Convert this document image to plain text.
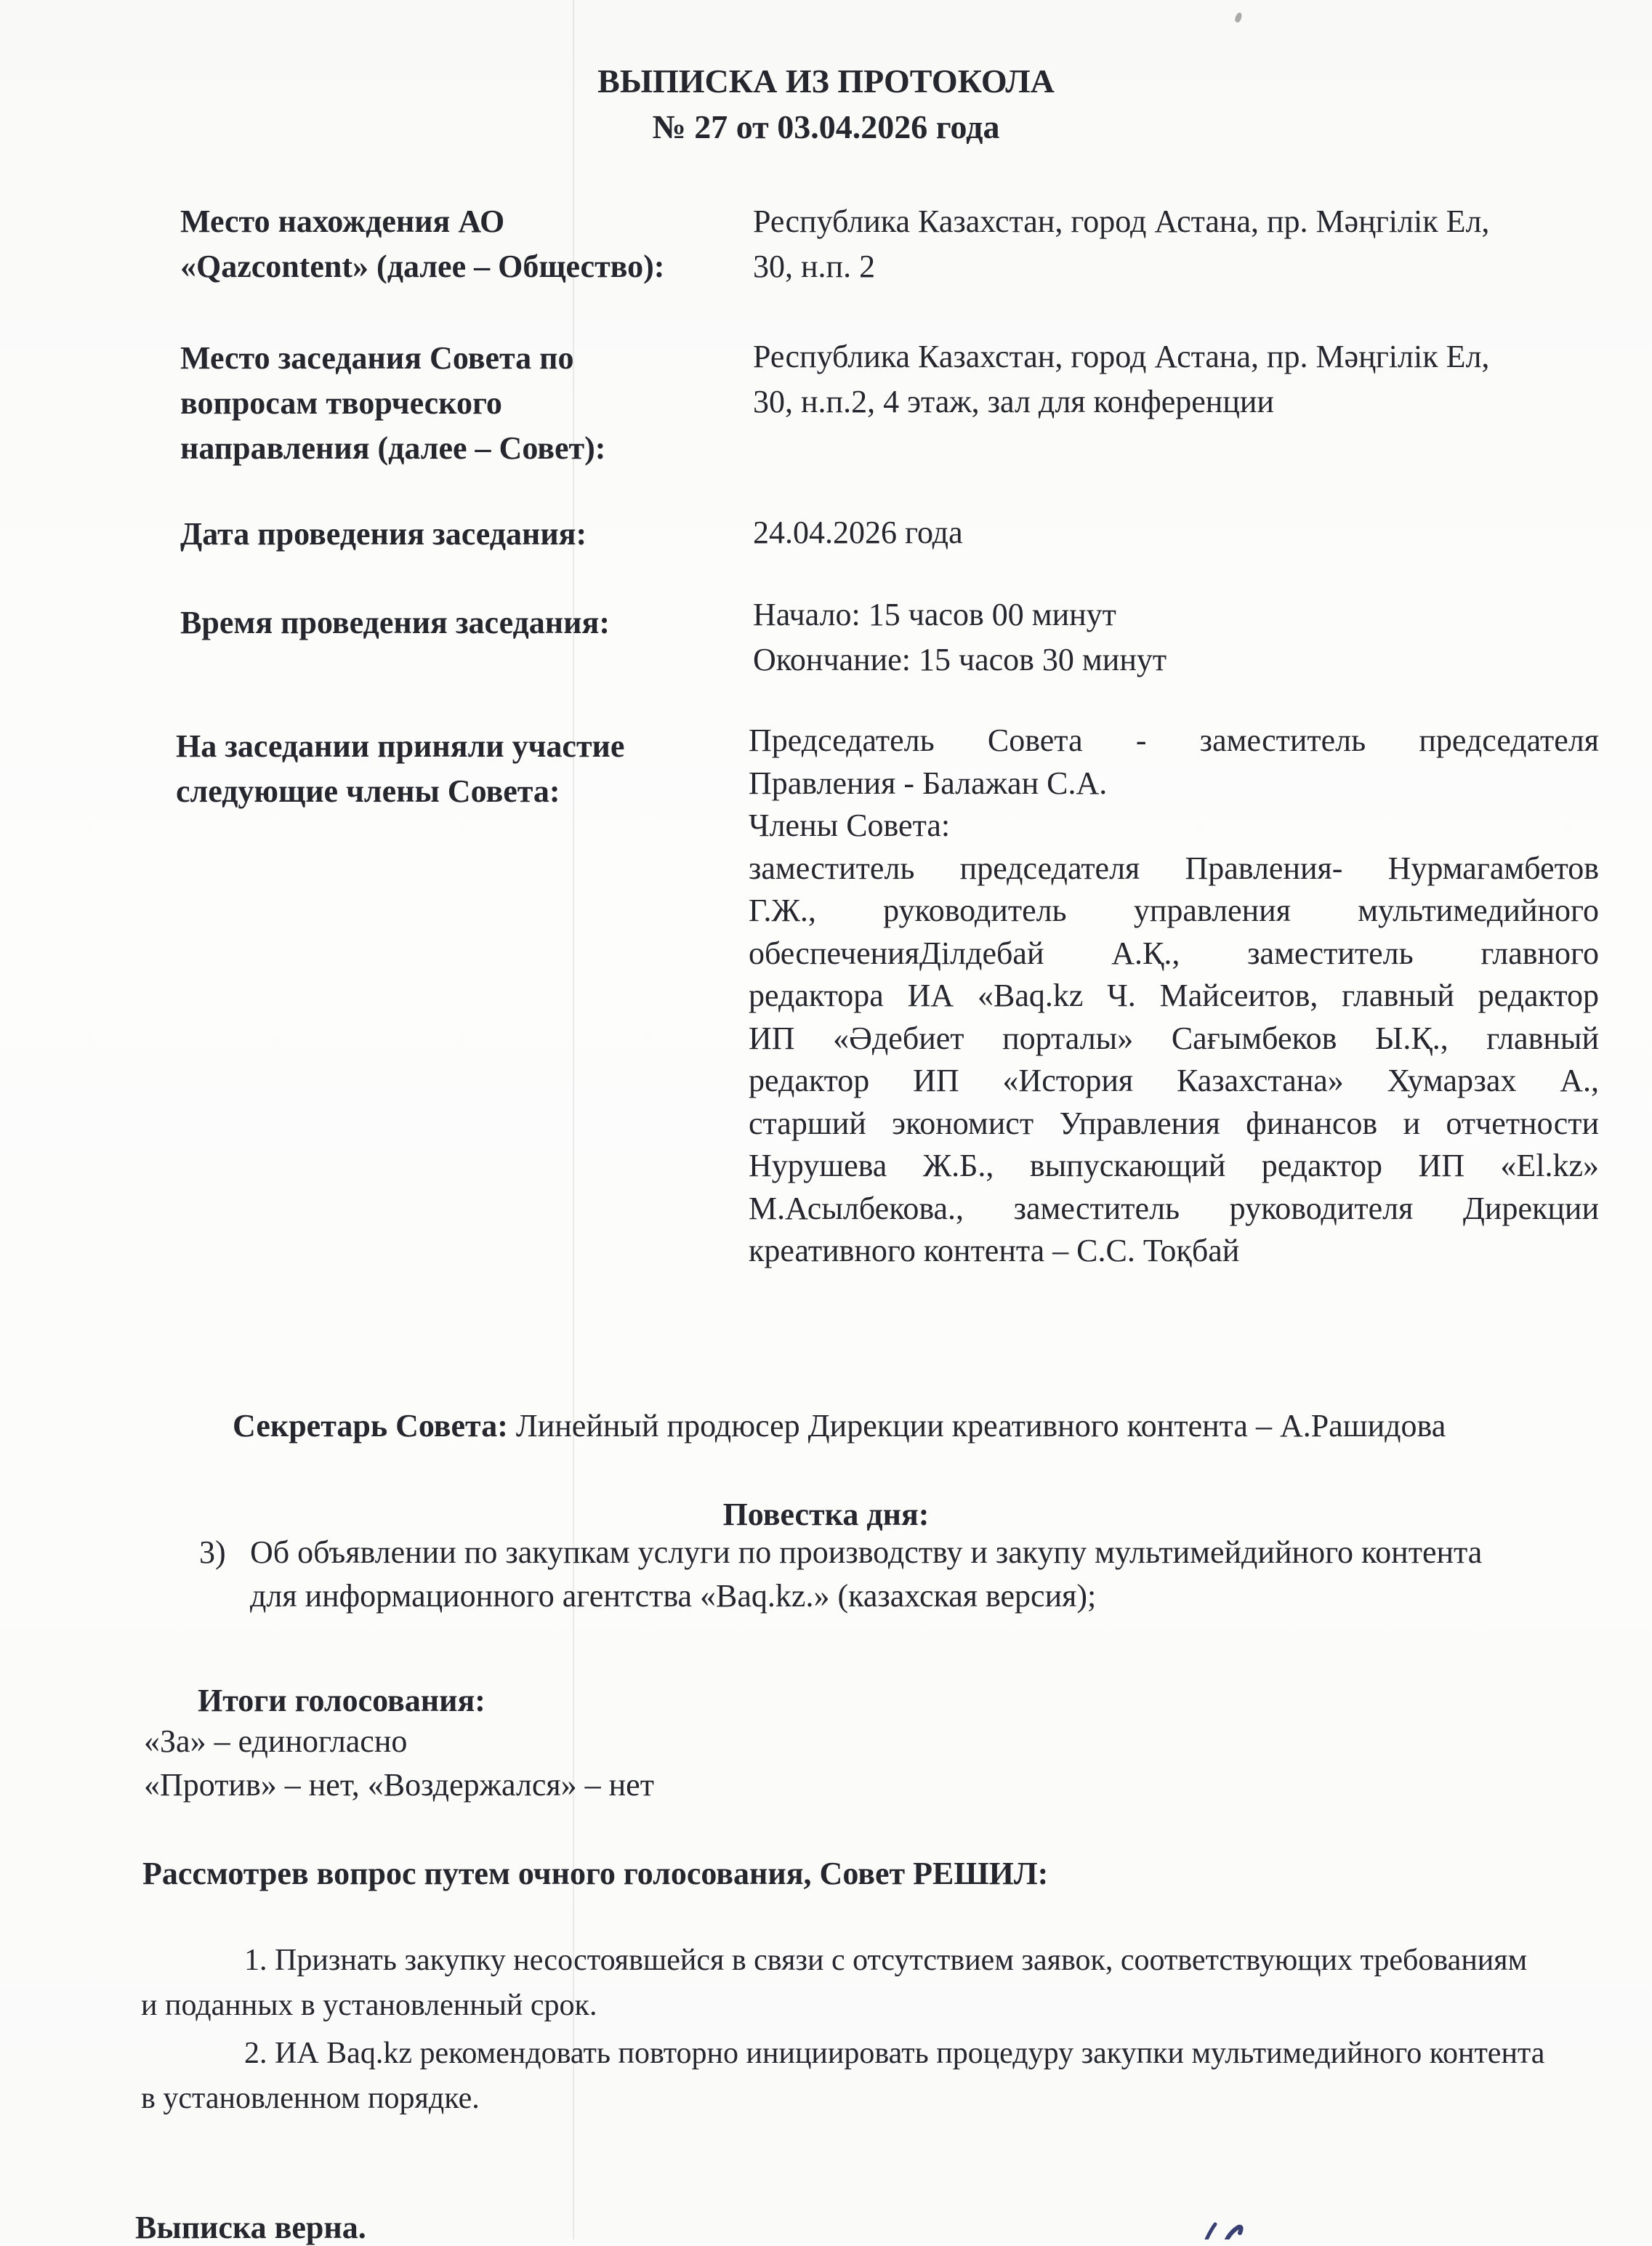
ВЫПИСКА ИЗ ПРОТОКОЛА
№ 27 от 03.04.2026 года
Место нахождения АО
«Qazcontent» (далее – Общество):
Республика Казахстан, город Астана, пр. Мәңгілік Ел,
30, н.п. 2
Место заседания Совета по
вопросам творческого
направления (далее – Совет):
Республика Казахстан, город Астана, пр. Мәңгілік Ел,
30, н.п.2, 4 этаж, зал для конференции
Дата проведения заседания:	24.04.2026 года
Время проведения заседания:	Начало: 15 часов 00 минут
Окончание: 15 часов 30 минут
На заседании приняли участие
следующие члены Совета:
Председатель Совета - заместитель председателя
Правления - Балажан С.А.
Члены Совета:
заместитель председателя Правления- Нурмагамбетов
Г.Ж., руководитель управления мультимедийного
обеспеченияДілдебай А.Қ., заместитель главного
редактора ИА «Baq.kz Ч. Майсеитов, главный редактор
ИП «Әдебиет порталы» Сағымбеков Ы.Қ., главный
редактор ИП «История Казахстана» Хумарзах А.,
старший экономист Управления финансов и отчетности
Нурушева Ж.Б., выпускающий редактор ИП «El.kz»
М.Асылбекова., заместитель руководителя Дирекции
креативного контента – С.С. Тоқбай
Секретарь Совета: Линейный продюсер Дирекции креативного контента – А.Рашидова
Повестка дня:
3) Об объявлении по закупкам услуги по производству и закупу мультимейдийного контента
для информационного агентства «Baq.kz.» (казахская версия);
Итоги голосования:
«За» – единогласно
«Против» – нет, «Воздержался» – нет
Рассмотрев вопрос путем очного голосования, Совет РЕШИЛ:
1. Признать закупку несостоявшейся в связи с отсутствием заявок, соответствующих требованиям
и поданных в установленный срок.
2. ИА Baq.kz рекомендовать повторно инициировать процедуру закупки мультимедийного контента
в установленном порядке.
Выписка верна.
